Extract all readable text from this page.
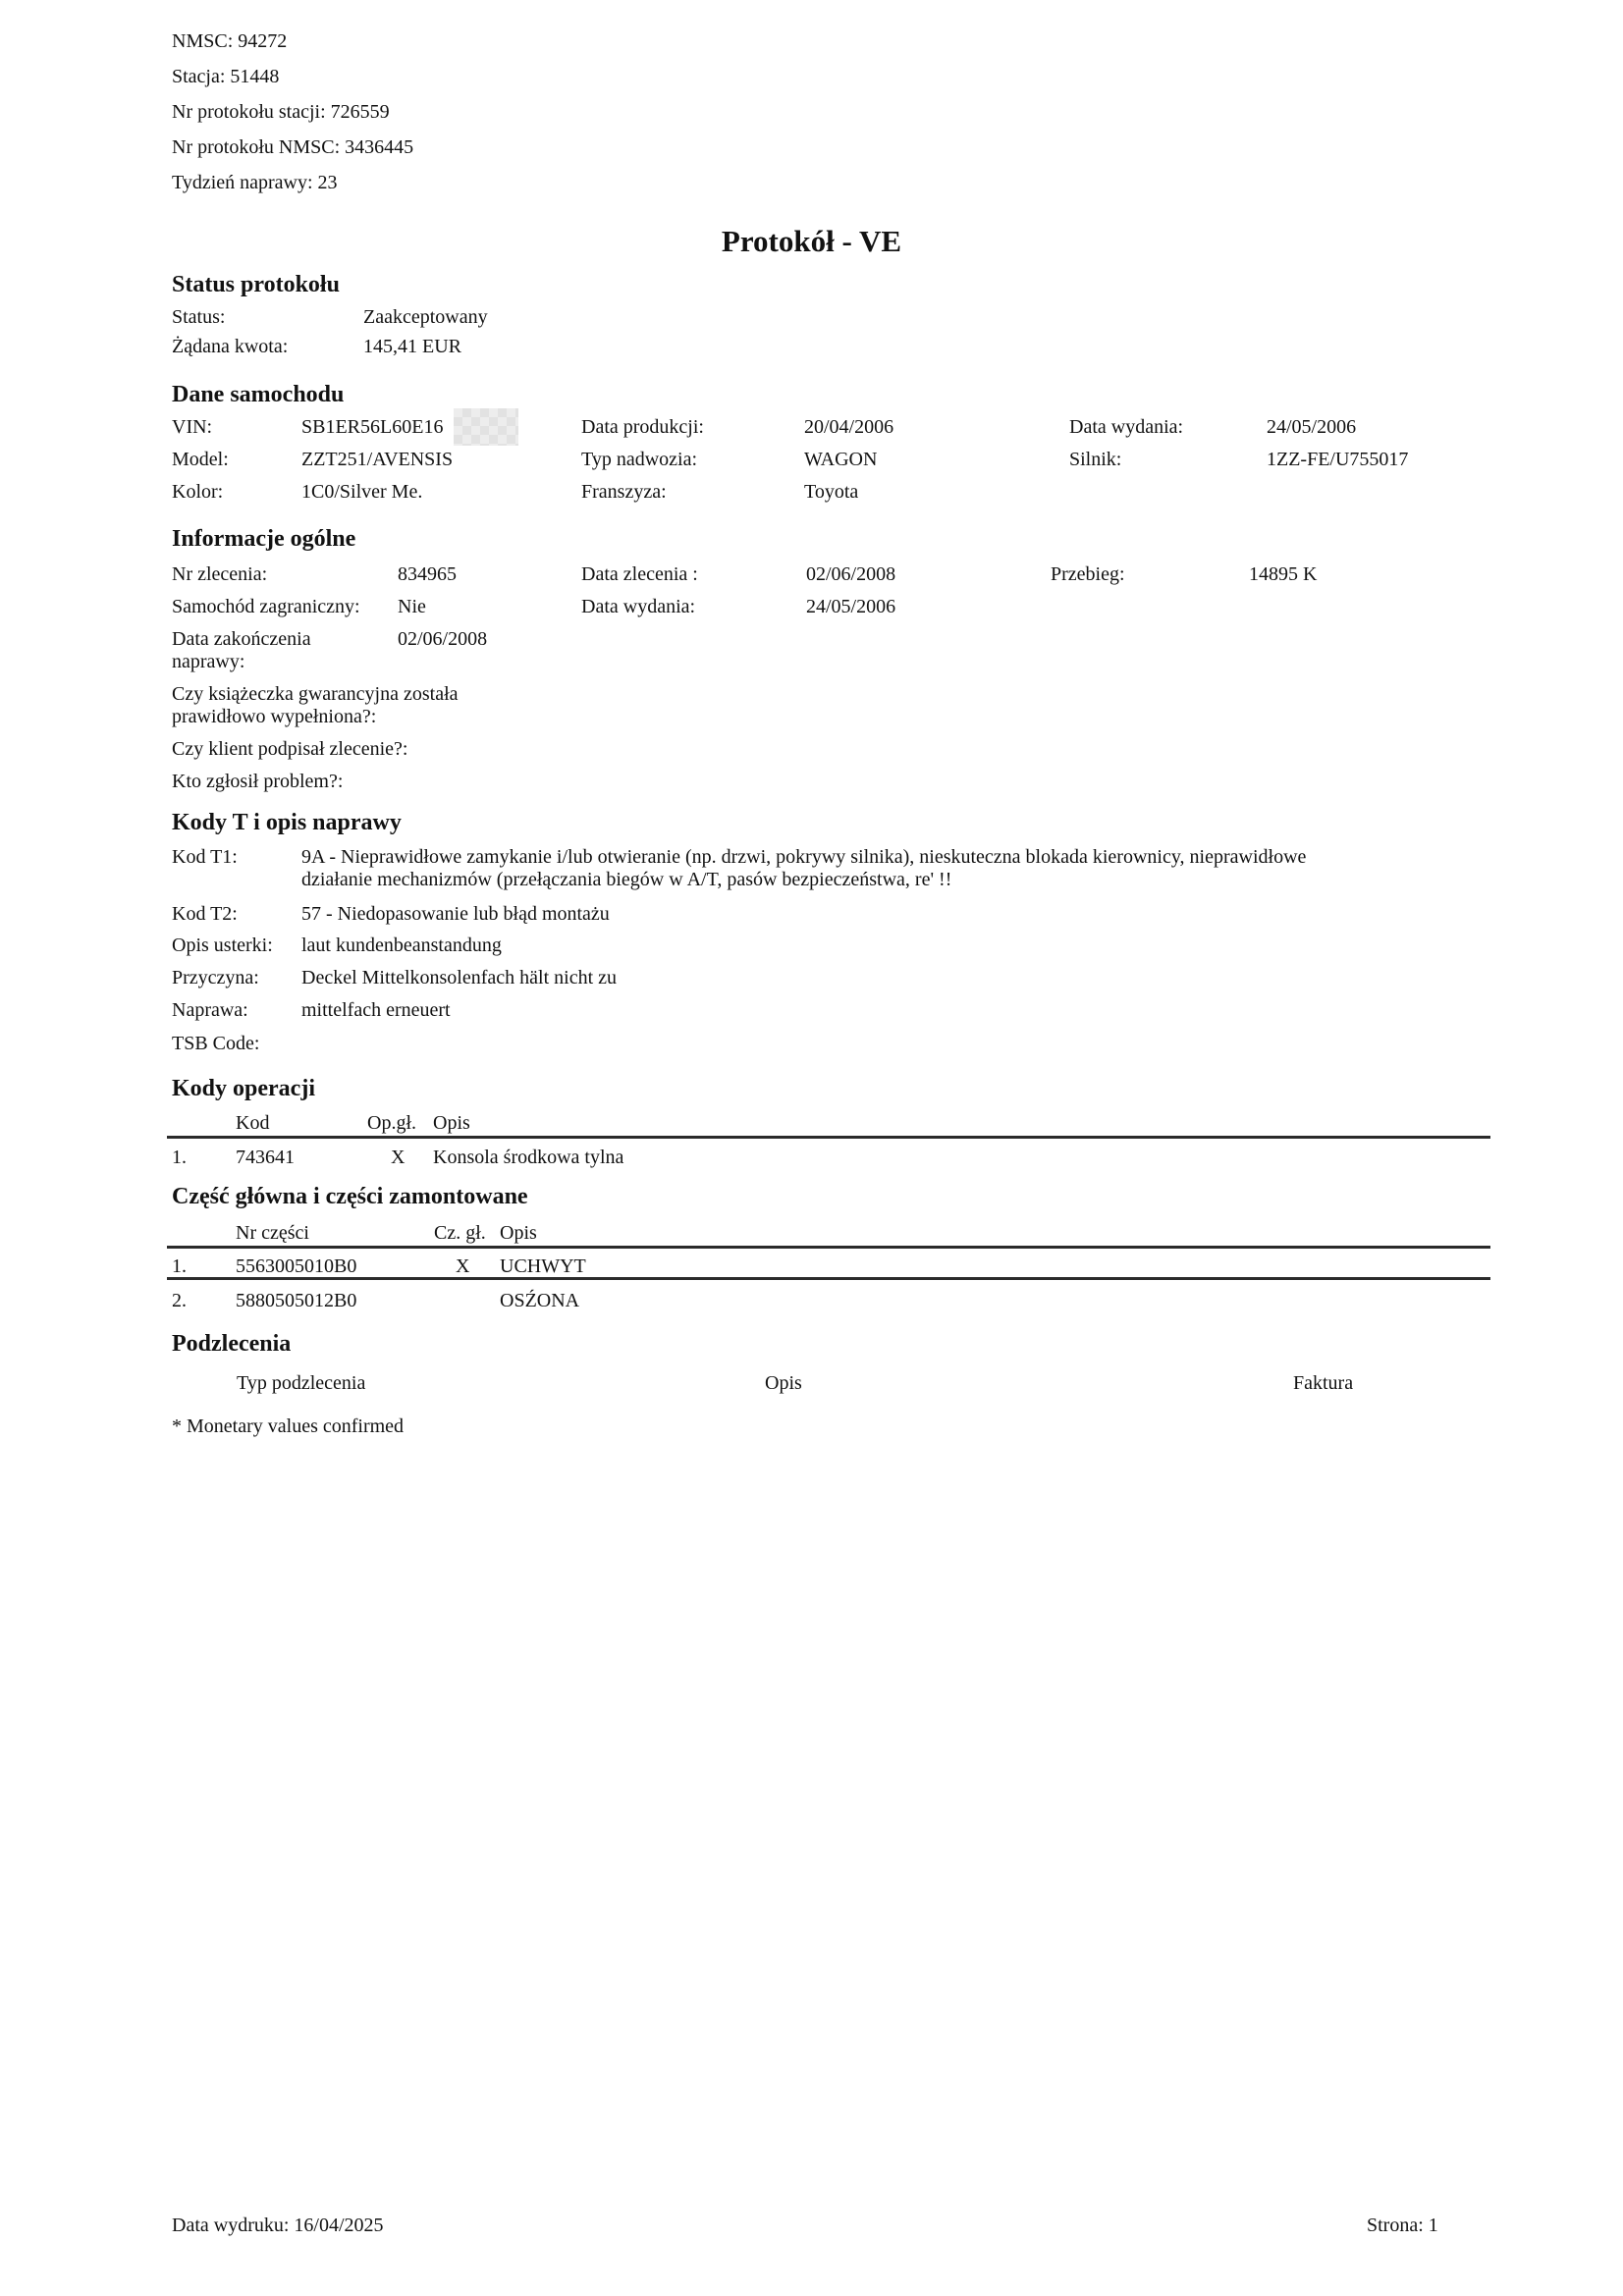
NMSC: 94272
Stacja: 51448
Nr protokołu stacji: 726559
Nr protokołu NMSC: 3436445
Tydzień naprawy: 23
Protokół - VE
Status protokołu
Status:	Zaakceptowany
Żądana kwota:	145,41 EUR
Dane samochodu
VIN:	SB1ER56L60E16	Data produkcji:	20/04/2006	Data wydania:	24/05/2006
Model:	ZZT251/AVENSIS	Typ nadwozia:	WAGON	Silnik:	1ZZ-FE/U755017
Kolor:	1C0/Silver Me.	Franszyza:	Toyota
Informacje ogólne
Nr zlecenia:	834965	Data zlecenia :	02/06/2008	Przebieg:	14895 K
Samochód zagraniczny: Nie	Data wydania:	24/05/2006
Data zakończenia
naprawy:
02/06/2008
Czy książeczka gwarancyjna została
prawidłowo wypełniona?:
Czy klient podpisał zlecenie?:
Kto zgłosił problem?:
Kody T i opis naprawy
Kod T1:	9A - Nieprawidłowe zamykanie i/lub otwieranie (np. drzwi, pokrywy silnika), nieskuteczna blokada kierownicy, nieprawidłowe
działanie mechanizmów (przełączania biegów w A/T, pasów bezpieczeństwa, re' !!
Kod T2:	57 - Niedopasowanie lub błąd montażu
Opis usterki: laut kundenbeanstandung
Przyczyna: Deckel Mittelkonsolenfach hält nicht zu
Naprawa:	mittelfach erneuert
TSB Code:
Kody operacji
Kod	Op.gł. Opis
1.	743641	X Konsola środkowa tylna
Część główna i części zamontowane
Nr części	Cz. gł. Opis
1.	5563005010B0	X UCHWYT
2.	5880505012B0	OSŹONA
Podzlecenia
Typ podzlecenia	Opis	Faktura
* Monetary values confirmed
Data wydruku: 16/04/2025	Strona: 1
